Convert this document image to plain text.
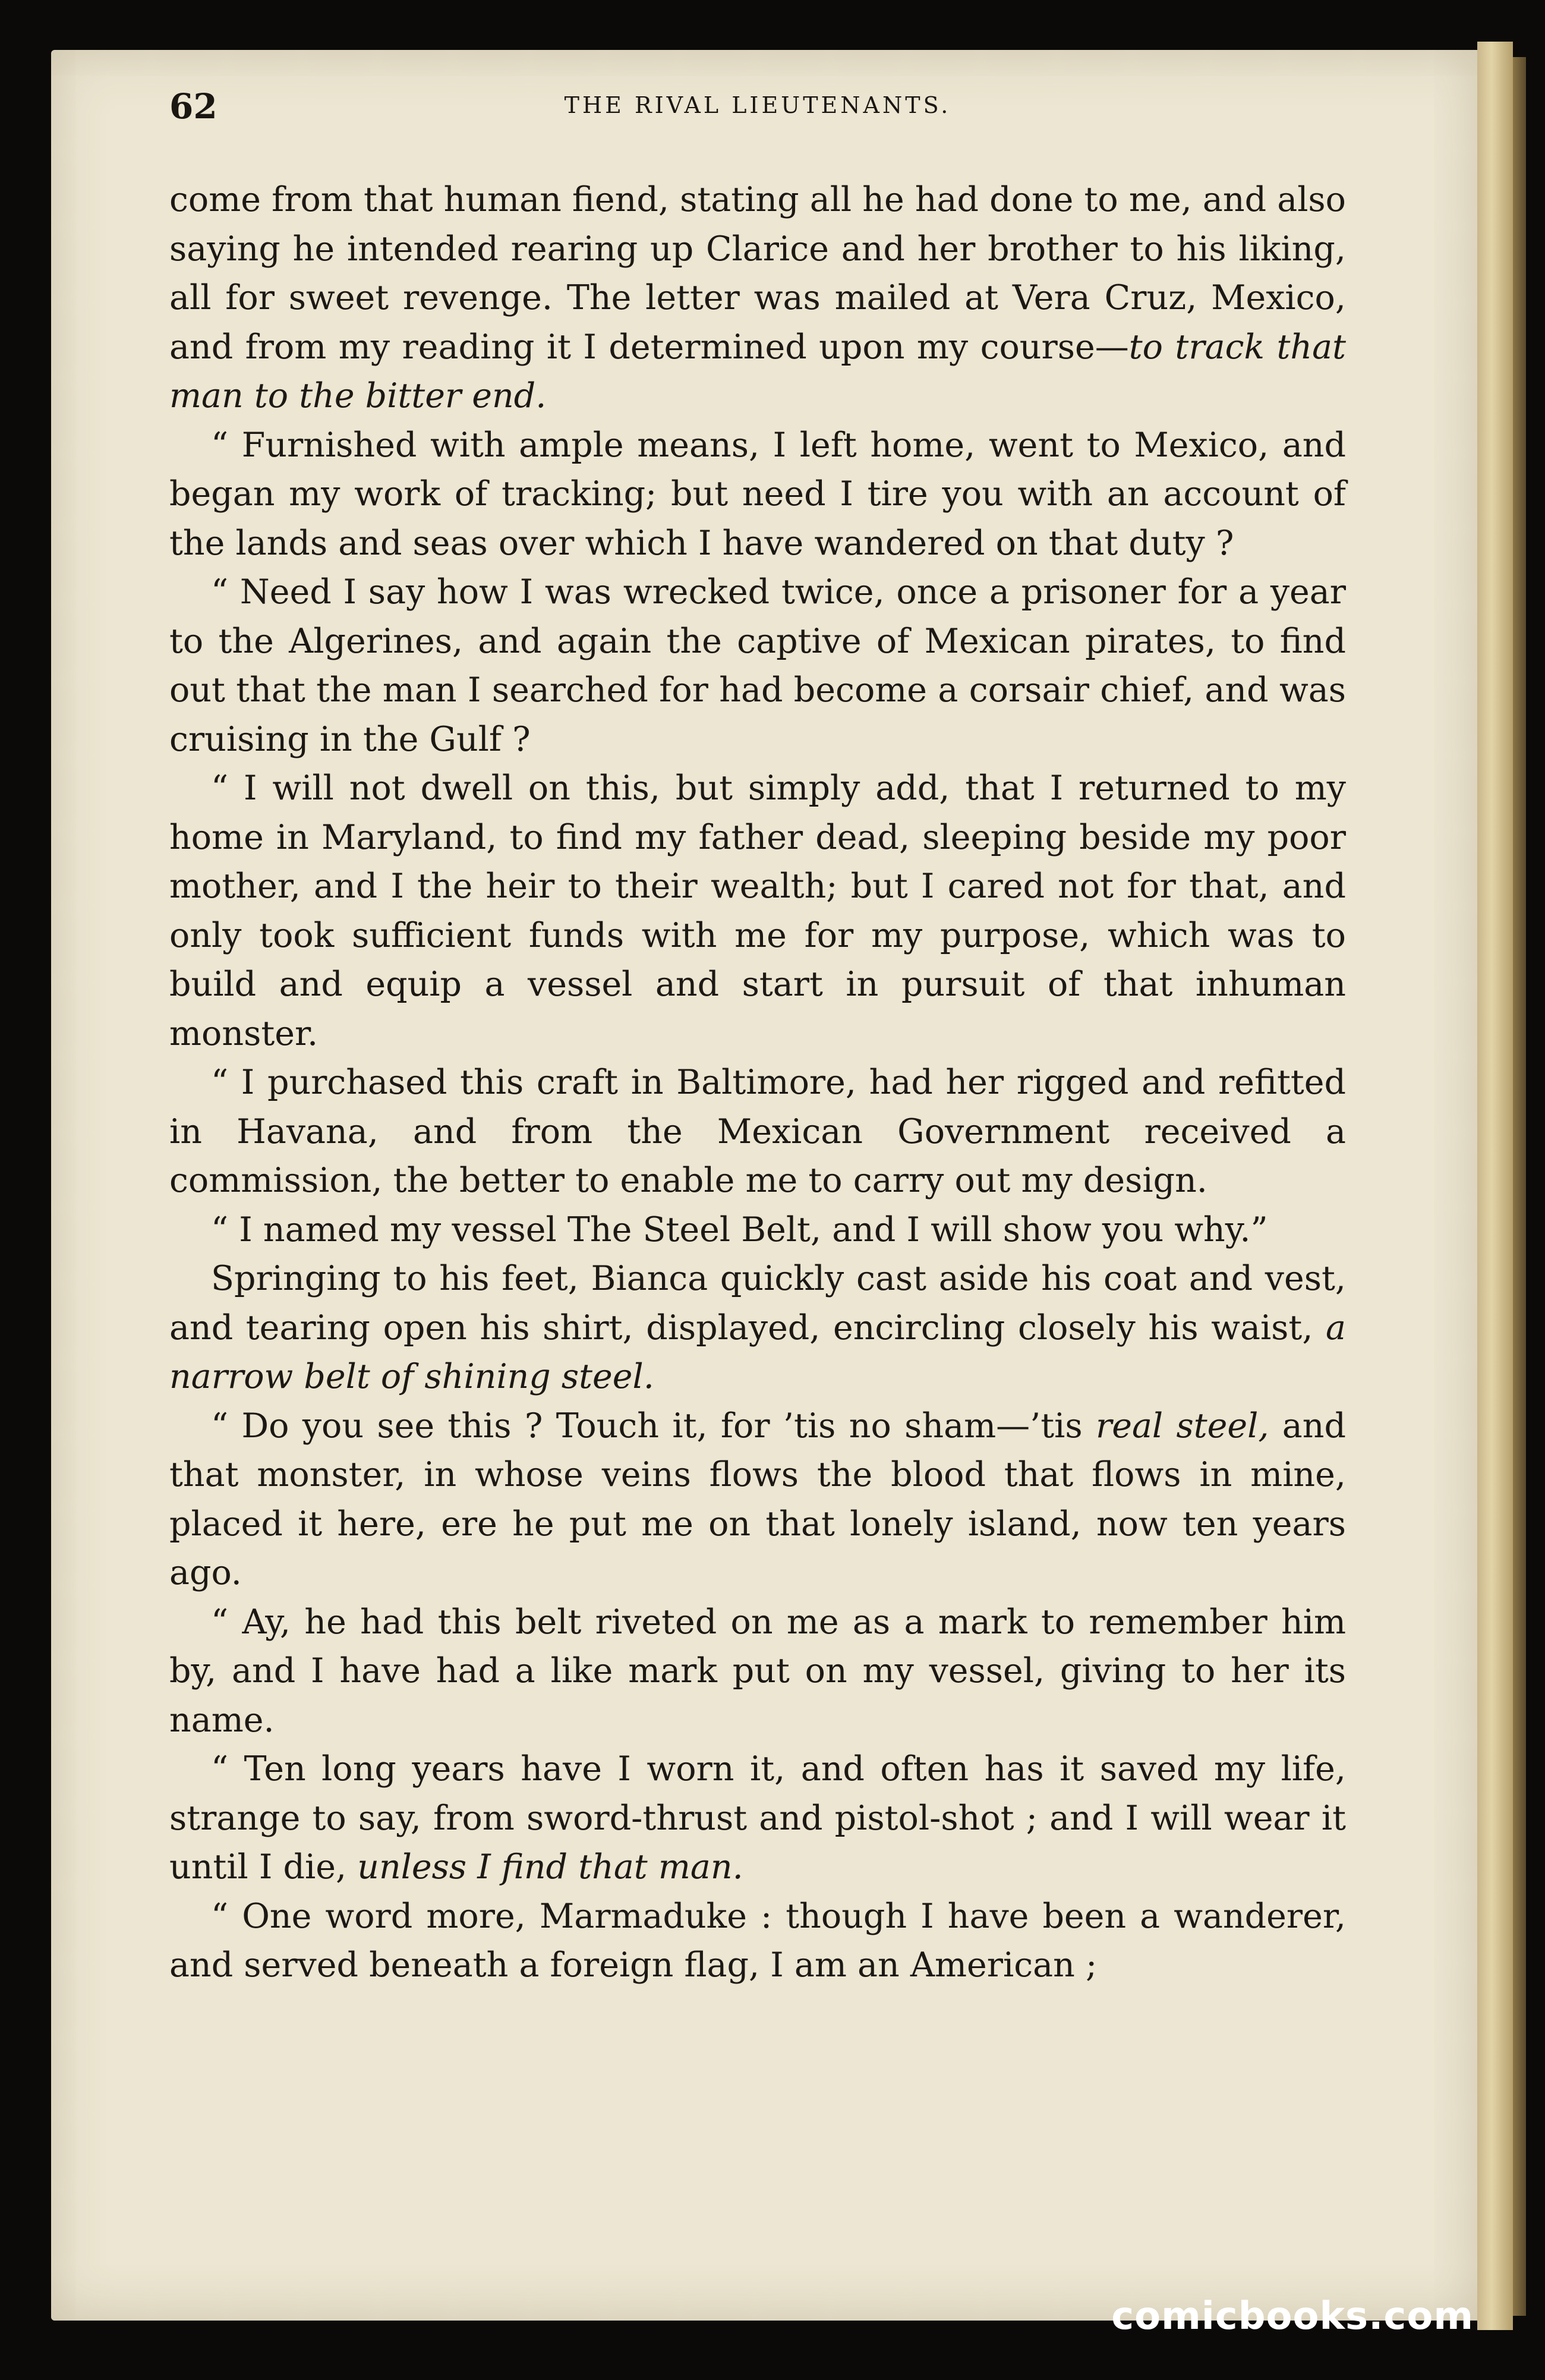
62	THE RIVAL LIEUTENANTS.

come from that human fiend, stating all he had done to me, and also saying he intended rearing up Clarice and her brother to his liking, all for sweet revenge. The letter was mailed at Vera Cruz, Mexico, and from my reading it I determined upon my course—to track that man to the bitter end.

“ Furnished with ample means, I left home, went to Mexico, and began my work of tracking; but need I tire you with an account of the lands and seas over which I have wandered on that duty ?

“ Need I say how I was wrecked twice, once a prisoner for a year to the Algerines, and again the captive of Mexican pirates, to find out that the man I searched for had become a corsair chief, and was cruising in the Gulf ?

“ I will not dwell on this, but simply add, that I returned to my home in Maryland, to find my father dead, sleeping beside my poor mother, and I the heir to their wealth; but I cared not for that, and only took sufficient funds with me for my purpose, which was to build and equip a vessel and start in pursuit of that inhuman monster.

“ I purchased this craft in Baltimore, had her rigged and refitted in Havana, and from the Mexican Government received a commission, the better to enable me to carry out my design.

“ I named my vessel The Steel Belt, and I will show you why.”

Springing to his feet, Bianca quickly cast aside his coat and vest, and tearing open his shirt, displayed, encircling closely his waist, a narrow belt of shining steel.

“ Do you see this ? Touch it, for ’tis no sham—’tis real steel, and that monster, in whose veins flows the blood that flows in mine, placed it here, ere he put me on that lonely island, now ten years ago.

“ Ay, he had this belt riveted on me as a mark to remember him by, and I have had a like mark put on my vessel, giving to her its name.

“ Ten long years have I worn it, and often has it saved my life, strange to say, from sword-thrust and pistol-shot ; and I will wear it until I die, unless I find that man.

“ One word more, Marmaduke : though I have been a wanderer, and served beneath a foreign flag, I am an American ;

comicbooks.com
